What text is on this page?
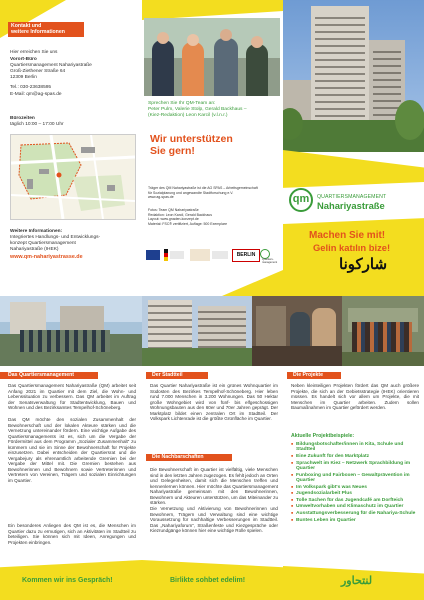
Kontakt und
weitere Informationen
Hier erreichen Sie uns
Vorort-Büro
Quartiersmanagement Nahariyastraße
Groß-Ziethener Straße 64
12309 Berlin
Tel.: 030-23638595
E-Mail: qm@ag-spas.de
Bürozeiten
täglich 10:00 – 17:00 Uhr
Weitere Informationen:
Integriertes Handlungs- und Entwicklungs-
konzept Quartiersmanagement
Nahariyastraße (IHEK)
www.qm-nahariyastrasse.de
Sprechen Sie Ihr QM-Team an:
Peter Pulm, Valerie Stolp, Gerald Backhaus –
(Kiez-Redaktion) Leon Karcil (v.l.n.r.)
Wir unterstützen
Sie gern!
Träger des QM Nahariyastraße ist die AG SPAS – Arbeitsgemeinschaft
für Sozialplanung und angewandte Stadtforschung e.V.
www.ag-spas.de
Fotos: Team QM Nahariyastraße
Redaktion: Leon Karcil, Gerald Backhaus
Layout: www.gnaden-konzept.de
Material: FSC® zertifiziert, Auflage: 500 Exemplare
BERLIN
Quartiers-
management
qm	QUARTIERSMANAGEMENT
Nahariyastraße
Machen Sie mit!
Gelin katılın bize!
شاركونا
Das Quartiersmanagement
Das Quartiersmanagement Nahariyastraße (QM) arbeitet seit Anfang 2021 im Quartier mit dem Ziel, die Wohn- und Lebenssituation zu verbessern. Das QM arbeitet im Auftrag der Senatsverwaltung für Stadtentwicklung, Bauen und Wohnen und des Bezirksamtes Tempelhof-Schöneberg.
Das QM möchte den sozialen Zusammenhalt der Bewohnerschaft und der lokalen Akteure stärken und die Vernetzung untereinander fördern. Eine wichtige Aufgabe des Quartiersmanagements ist es, sich um die Vergabe der Fördermittel aus dem Programm „Sozialer Zusammenhalt“ zu kümmern und sie im Sinne der Bewohnerschaft für Projekte einzusetzen. Dabei entscheiden der Quartiersrat und die Vergabejury als ehrenamtlich arbeitende Gremien bei der Vergabe der Mittel mit. Die Gremien bestehen aus Bewohnerinnen und Bewohnern sowie Vertreterinnen und Vertretern von Vereinen, Trägern und sozialen Einrichtungen im Quartier.
Ein besonderes Anliegen des QM ist es, die Menschen im Quartier dazu zu ermutigen, sich an Aktivitäten im Stadtteil zu beteiligen. Sie können sich mit Ideen, Anregungen und Projekten einbringen.
Kommen wir ins Gespräch!
Der Stadtteil
Das Quartier Nahariyastraße ist ein grünes Wohnquartier im Südosten des Bezirkes Tempelhof-Schöneberg. Hier leben rund 7.000 Menschen in 3.200 Wohnungen. Das 50 Hektar große Wohngebiet wird von fünf- bis elfgeschossigen Wohnungsbauten aus den 60er und 70er Jahren geprägt. Der Marktplatz bildet einen zentralen Ort im Stadtteil. Der Volkspark Lichtenrade ist die größte Grünfläche im Quartier.
Die Nachbarschaften
Die Bewohnerschaft im Quartier ist vielfältig, viele Menschen sind in den letzten Jahren zugezogen. Es fehlt jedoch an Orten und Gelegenheiten, damit sich die Menschen treffen und kennenlernen können. Hier möchte das Quartiersmanagement Nahariyastraße gemeinsam mit den Bewohnerinnen, Bewohnern und Akteuren unterstützen, um das Miteinander zu stärken.
Die Vernetzung und Aktivierung von Bewohnerinnen und Bewohnern, Trägern und Verwaltung sind eine wichtige Voraussetzung für nachhaltige Verbesserungen im Stadtteil. Das „Nahariyaforum“, Straßenfeste und Kiezgespräche oder Kiezrundgänge können hier eine wichtige Rolle spielen.
Birlikte sohbet edelim!
Die Projekte
Neben kleinteiligen Projekten fördert das QM auch größere Projekte, die sich an der Gebietsstrategie (IHEK) orientieren müssen. Es handelt sich vor allem um Projekte, die mit Menschen im Quartier arbeiten. Zudem sollen Baumaßnahmen im Quartier gefördert werden.
Aktuelle Projektbeispiele:
■ Bildungsbotschafter/innen in Kita, Schule und Stadtteil
■ Eine Zukunft für den Marktplatz
■ Sprachwelt im Kiez – Netzwerk Sprachbildung im Quartier
■ Funboxing und Fairboxen – Gewaltprävention im Quartier
■ Im Volkspark gibt's was Neues
■ Jugendsozialarbeit Plus
■ Tolle Sachen für das Jugendcafé am Dorfteich
■ Umweltvorhaben und Klimaschutz im Quartier
■ Ausstattungsverbesserung für die Nahariya-Schule
■ Buntes Leben im Quartier
لنتحاور
